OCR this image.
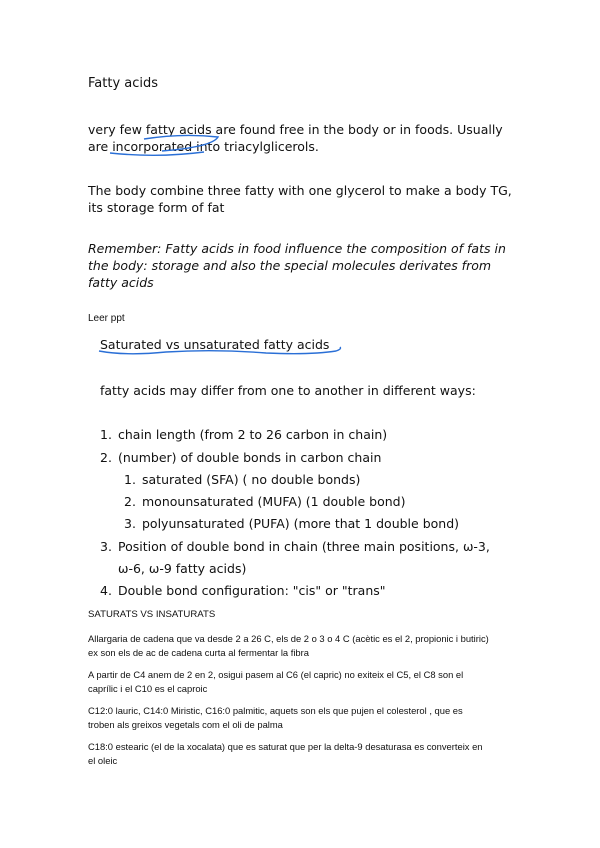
Fatty acids
very few fatty acids are found free in the body or in foods. Usually
are incorporated into triacylglicerols.
The body combine three fatty with one glycerol to make a body TG,
its storage form of fat
Remember: Fatty acids in food influence the composition of fats in
the body: storage and also the special molecules derivates from
fatty acids
Leer ppt
Saturated vs unsaturated fatty acids
fatty acids may differ from one to another in different ways:
1. chain length (from 2 to 26 carbon in chain)
2. (number) of double bonds in carbon chain
1. saturated (SFA) ( no double bonds)
2. monounsaturated (MUFA) (1 double bond)
3. polyunsaturated (PUFA) (more that 1 double bond)
3. Position of double bond in chain (three main positions, ω-3,
ω-6, ω-9 fatty acids)
4. Double bond configuration: "cis" or "trans"
SATURATS VS INSATURATS
Allargaria de cadena que va desde 2 a 26 C, els de 2 o 3 o 4 C (acètic es el 2, propionic i butiric)
ex son els de ac de cadena curta al fermentar la fibra
A partir de C4 anem de 2 en 2, osigui pasem al C6 (el capric) no exiteix el C5, el C8 son el
caprílic i el C10 es el caproic
C12:0 lauric, C14:0 Miristic, C16:0 palmitic, aquets son els que pujen el colesterol , que es
troben als greixos vegetals com el oli de palma
C18:0 estearic (el de la xocalata) que es saturat que per la delta-9 desaturasa es converteix en
el oleic
